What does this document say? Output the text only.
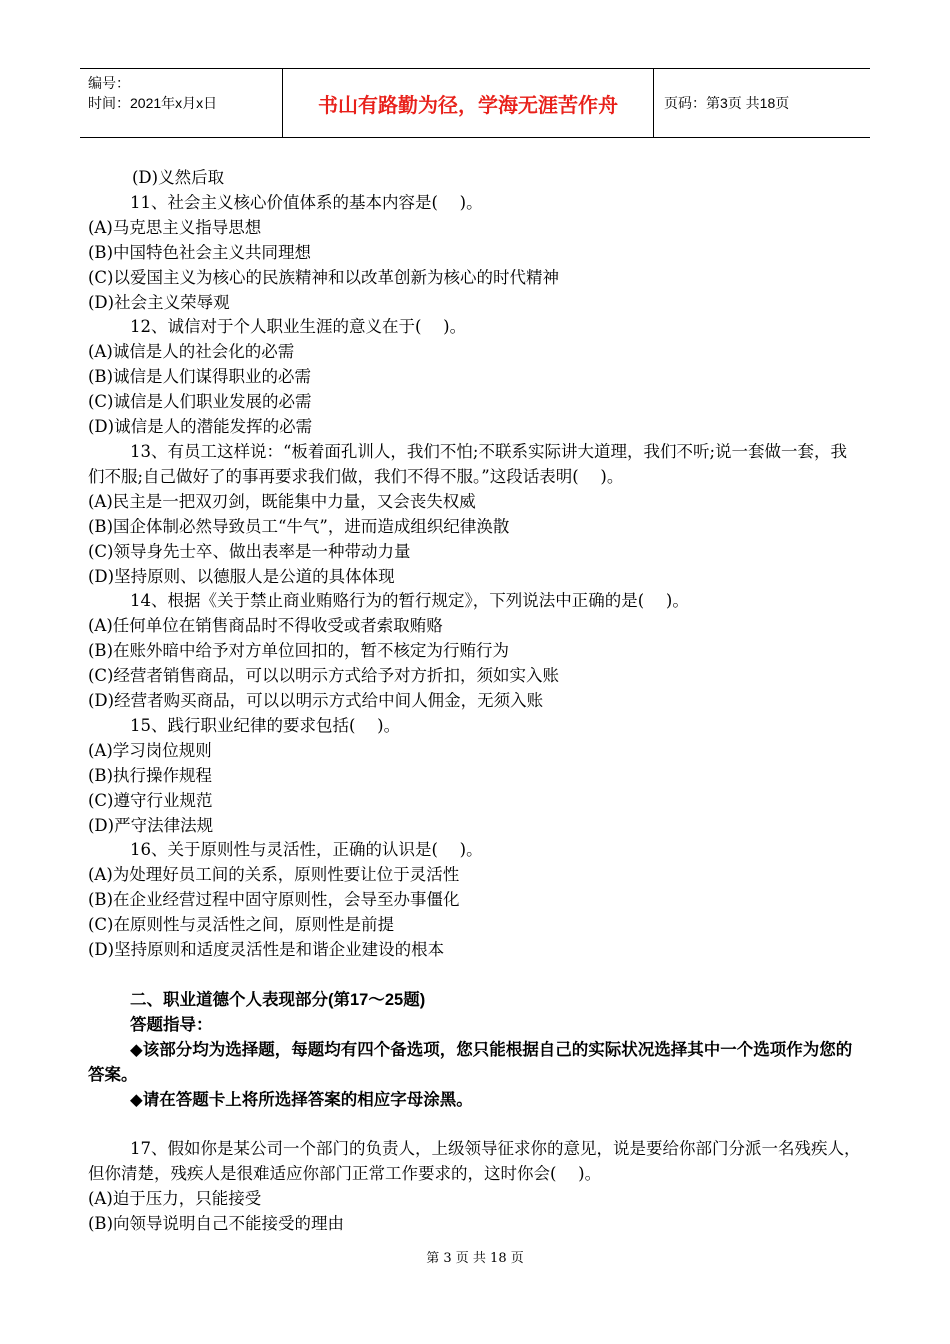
编号：
时间：2021年x月x日	书山有路勤为径，学海无涯苦作舟	页码：第3页 共18页
(D)义然后取
11、社会主义核心价值体系的基本内容是(　 )。
(A)马克思主义指导思想
(B)中国特色社会主义共同理想
(C)以爱国主义为核心的民族精神和以改革创新为核心的时代精神
(D)社会主义荣辱观
12、诚信对于个人职业生涯的意义在于(　 )。
(A)诚信是人的社会化的必需
(B)诚信是人们谋得职业的必需
(C)诚信是人们职业发展的必需
(D)诚信是人的潜能发挥的必需
13、有员工这样说：“板着面孔训人，我们不怕;不联系实际讲大道理，我们不听;说一套做一套，我们不服;自己做好了的事再要求我们做，我们不得不服。”这段话表明(　 )。
(A)民主是一把双刃剑，既能集中力量，又会丧失权威
(B)国企体制必然导致员工“牛气”，进而造成组织纪律涣散
(C)领导身先士卒、做出表率是一种带动力量
(D)坚持原则、以德服人是公道的具体体现
14、根据《关于禁止商业贿赂行为的暂行规定》，下列说法中正确的是(　 )。
(A)任何单位在销售商品时不得收受或者索取贿赂
(B)在账外暗中给予对方单位回扣的，暂不核定为行贿行为
(C)经营者销售商品，可以以明示方式给予对方折扣，须如实入账
(D)经营者购买商品，可以以明示方式给中间人佣金，无须入账
15、践行职业纪律的要求包括(　 )。
(A)学习岗位规则
(B)执行操作规程
(C)遵守行业规范
(D)严守法律法规
16、关于原则性与灵活性，正确的认识是(　 )。
(A)为处理好员工间的关系，原则性要让位于灵活性
(B)在企业经营过程中固守原则性，会导至办事僵化
(C)在原则性与灵活性之间，原则性是前提
(D)坚持原则和适度灵活性是和谐企业建设的根本
二、职业道德个人表现部分(第17～25题)
答题指导：
◆该部分均为选择题，每题均有四个备选项，您只能根据自己的实际状况选择其中一个选项作为您的答案。
◆请在答题卡上将所选择答案的相应字母涂黑。
17、假如你是某公司一个部门的负责人，上级领导征求你的意见，说是要给你部门分派一名残疾人，但你清楚，残疾人是很难适应你部门正常工作要求的，这时你会(　 )。
(A)迫于压力，只能接受
(B)向领导说明自己不能接受的理由
第 3 页 共 18 页
